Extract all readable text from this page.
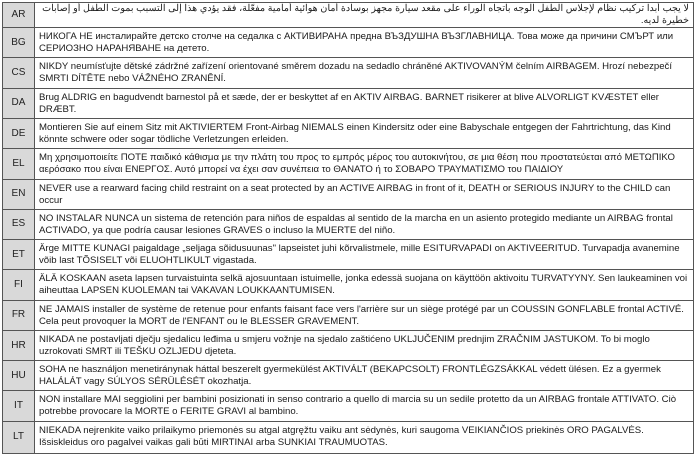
AR	لا يجب أبدا تركيب نظام لإجلاس الطفل الوجه باتجاه الوراء على مقعد سيارة مجهز بوسادة أمان هوائية أمامية مفعّلة، فقد يؤدي هذا إلى التسبب بموت الطفل أو إصابات خطيرة لديه.
BG	НИКОГА НЕ инсталирайте детско столче на седалка с АКТИВИРАНА предна ВЪЗДУШНА ВЪЗГЛАВНИЦА. Това може да причини СМЪРТ или СЕРИОЗНО НАРАНЯВАНЕ на детето.
CS	NIKDY neumísťujte dětské zádržné zařízení orientované směrem dozadu na sedadlo chráněné AKTIVOVANÝM čelním AIRBAGEM. Hrozí nebezpečí SMRTI DÍTĚTE nebo VÁŽNÉHO ZRANĚNÍ.
DA	Brug ALDRIG en bagudvendt barnestol på et sæde, der er beskyttet af en AKTIV AIRBAG. BARNET risikerer at blive ALVORLIGT KVÆSTET eller DRÆBT.
DE	Montieren Sie auf einem Sitz mit AKTIVIERTEM Front-Airbag NIEMALS einen Kindersitz oder eine Babyschale entgegen der Fahrtrichtung, das Kind könnte schwere oder sogar tödliche Verletzungen erleiden.
EL	Μη χρησιμοποιείτε ΠΟΤΕ παιδικό κάθισμα με την πλάτη του προς το εμπρός μέρος του αυτοκινήτου, σε μια θέση που προστατεύεται από ΜΕΤΩΠΙΚΟ αερόσακο που είναι ΕΝΕΡΓΟΣ. Αυτό μπορεί να έχει σαν συνέπεια το ΘΑΝΑΤΟ ή το ΣΟΒΑΡΟ ΤΡΑΥΜΑΤΙΣΜΟ του ΠΑΙΔΙΟΥ
EN	NEVER use a rearward facing child restraint on a seat protected by an ACTIVE AIRBAG in front of it, DEATH or SERIOUS INJURY to the CHILD can occur
ES	NO INSTALAR NUNCA un sistema de retención para niños de espaldas al sentido de la marcha en un asiento protegido mediante un AIRBAG frontal ACTIVADO, ya que podría causar lesiones GRAVES o incluso la MUERTE del niño.
ET	Ärge MITTE KUNAGI paigaldage „seljaga sõidusuunas" lapseistet juhi kõrvalistmele, mille ESITURVAPADI on AKTIVEERITUD. Turvapadja avanemine võib last TÕSISELT või ELUOHTLIKULT vigastada.
FI	ÄLÄ KOSKAAN aseta lapsen turvaistuinta selkä ajosuuntaan istuimelle, jonka edessä suojana on käyttöön aktivoitu TURVATYYNY. Sen laukeaminen voi aiheuttaa LAPSEN KUOLEMAN tai VAKAVAN LOUKKAANTUMISEN.
FR	NE JAMAIS installer de système de retenue pour enfants faisant face vers l'arrière sur un siège protégé par un COUSSIN GONFLABLE frontal ACTIVÉ. Cela peut provoquer la MORT de l'ENFANT ou le BLESSER GRAVEMENT.
HR	NIKADA ne postavljati dječju sjedalicu leđima u smjeru vožnje na sjedalo zaštićeno UKLJUČENIM prednjim ZRAČNIM JASTUKOM. To bi moglo uzrokovati SMRT ili TEŠKU OZLJEDU djeteta.
HU	SOHA ne használjon menetiránynak háttal beszerelt gyermekülést AKTIVÁLT (BEKAPCSOLT) FRONTLÉGZSÁKKAL védett ülésen. Ez a gyermek HALÁLÁT vagy SÚLYOS SÉRÜLÉSÉT okozhatja.
IT	NON installare MAI seggiolini per bambini posizionati in senso contrario a quello di marcia su un sedile protetto da un AIRBAG frontale ATTIVATO. Ciò potrebbe provocare la MORTE o FERITE GRAVI al bambino.
LT	NIEKADA nejrenkite vaiko prilaikymo priemonės su atgal atgręžtu vaiku ant sėdynės, kuri saugoma VEIKIANČIOS priekinės ORO PAGALVĖS. Išsiskleidus oro pagalvei vaikas gali būti MIRTINAI arba SUNKIAI TRAUMUOTAS.
